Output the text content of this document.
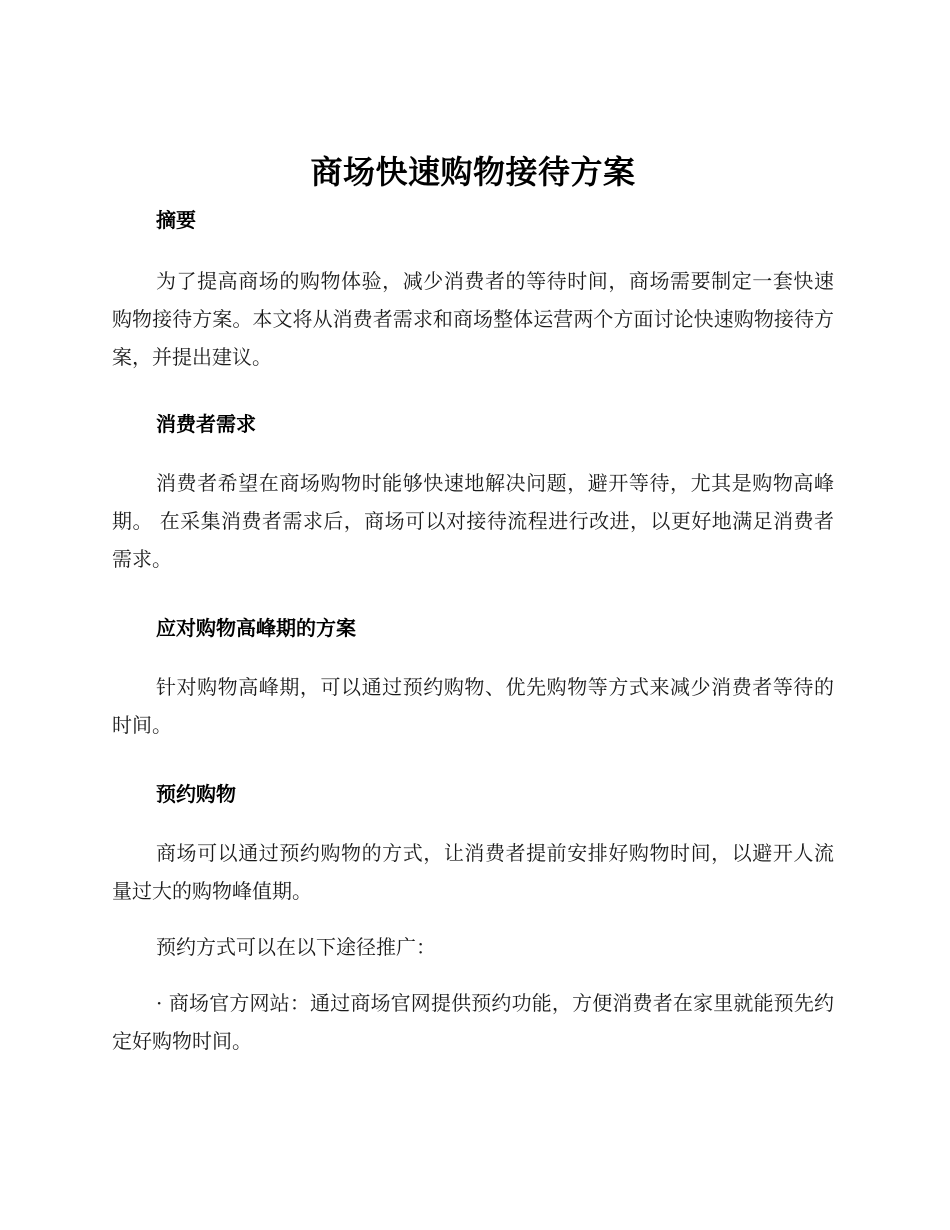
商场快速购物接待方案
摘要

为了提高商场的购物体验，减少消费者的等待时间，商场需要制定一套快速购物接待方案。本文将从消费者需求和商场整体运营两个方面讨论快速购物接待方案，并提出建议。

消费者需求

消费者希望在商场购物时能够快速地解决问题，避开等待，尤其是购物高峰期。 在采集消费者需求后，商场可以对接待流程进行改进，以更好地满足消费者需求。

应对购物高峰期的方案

针对购物高峰期，可以通过预约购物、优先购物等方式来减少消费者等待的时间。

预约购物

商场可以通过预约购物的方式，让消费者提前安排好购物时间，以避开人流量过大的购物峰值期。

预约方式可以在以下途径推广：

· 商场官方网站：通过商场官网提供预约功能，方便消费者在家里就能预先约定好购物时间。
